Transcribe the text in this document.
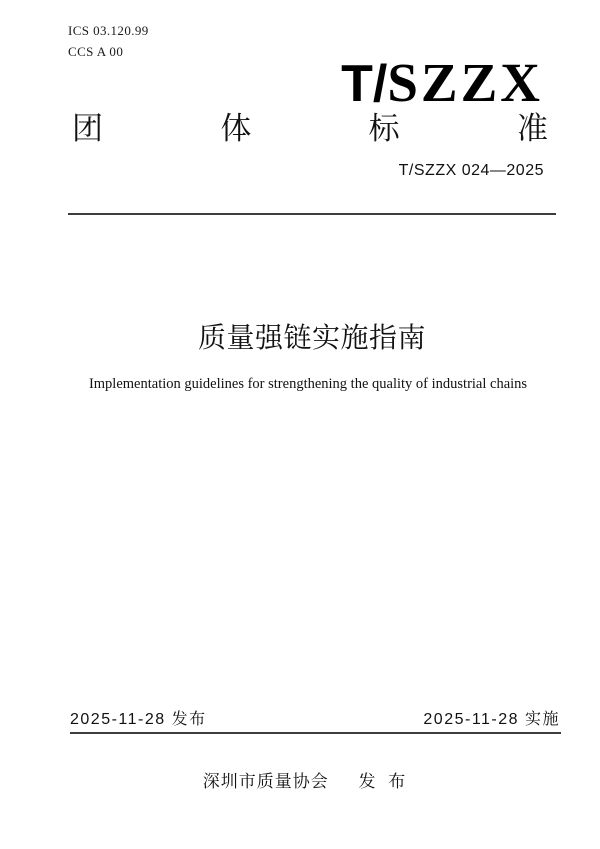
ICS 03.120.99
CCS A 00
T/SZZX
团	体	标	准
T/SZZX 024—2025
质量强链实施指南
Implementation guidelines for strengthening the quality of industrial chains
2025-11-28 发布	2025-11-28 实施
深圳市质量协会 发 布
